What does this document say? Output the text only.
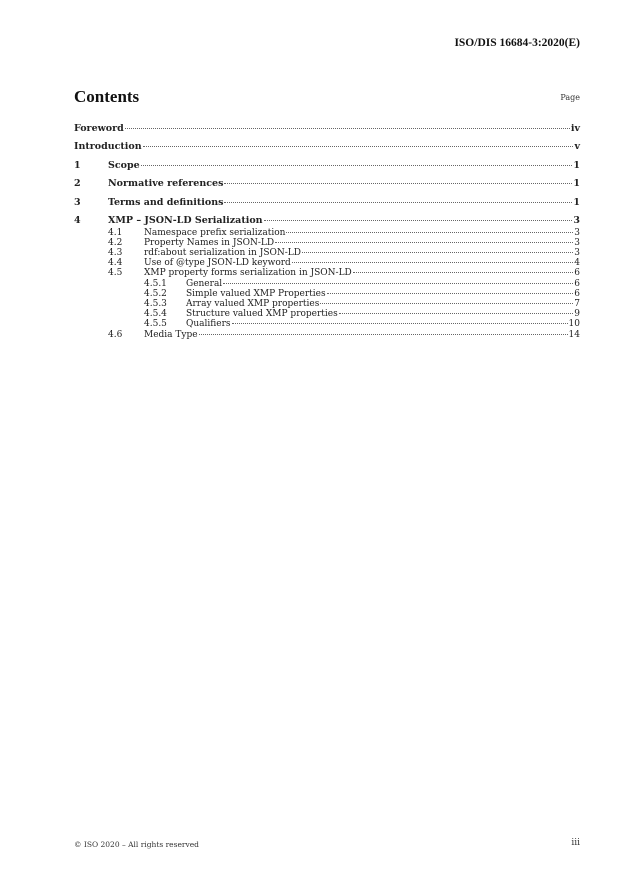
ISO/DIS 16684-3:2020(E)
Contents	Page
Foreword	iv
Introduction	v
1	Scope	1
2	Normative references	1
3	Terms and definitions	1
4	XMP – JSON-LD Serialization	3
4.1	Namespace prefix serialization	3
4.2	Property Names in JSON-LD	3
4.3	rdf:about serialization in JSON-LD	3
4.4	Use of @type JSON-LD keyword	4
4.5	XMP property forms serialization in JSON-LD	6
4.5.1	General	6
4.5.2	Simple valued XMP Properties	6
4.5.3	Array valued XMP properties	7
4.5.4	Structure valued XMP properties	9
4.5.5	Qualifiers	10
4.6	Media Type	14
© ISO 2020 – All rights reserved	iii
